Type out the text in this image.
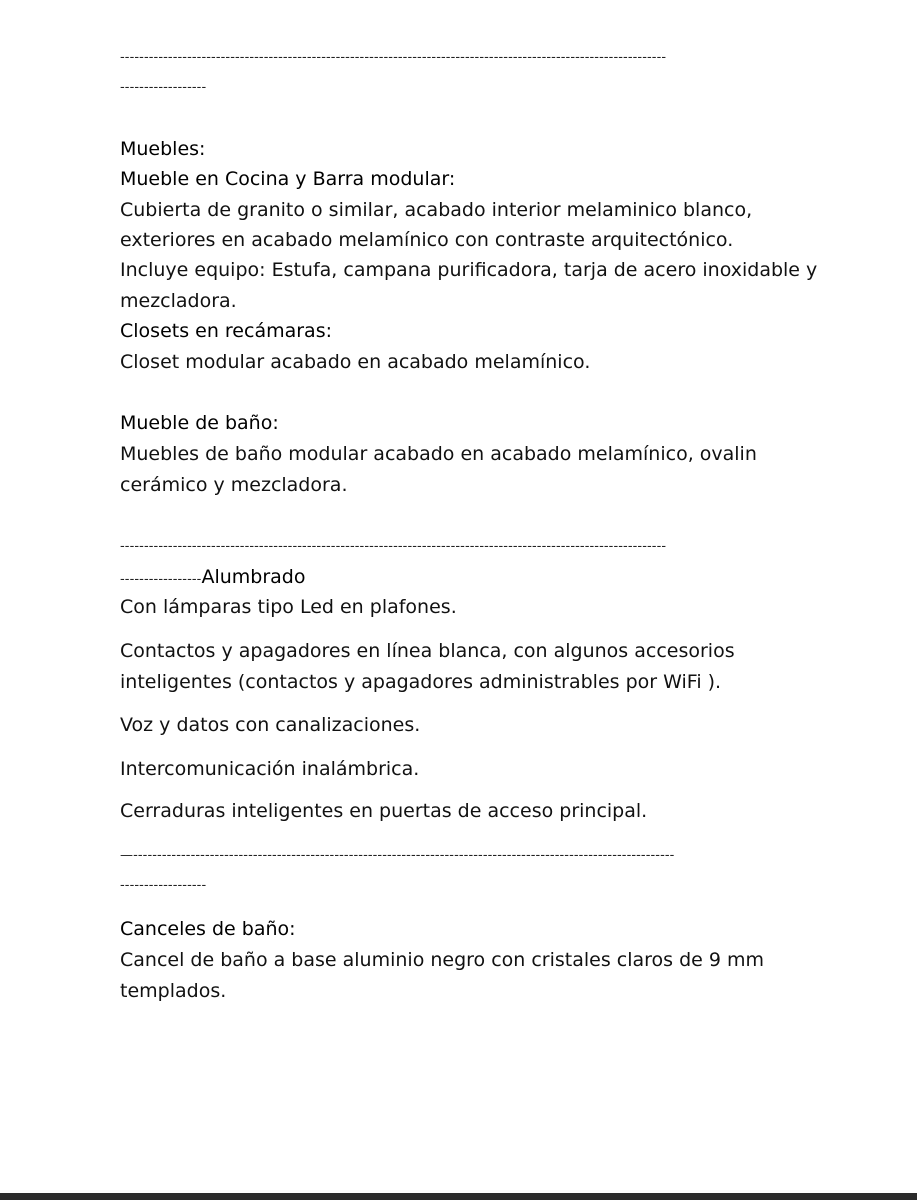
------------------------------------------------------------------------------------------------------------------
------------------
Muebles:
Mueble en Cocina y Barra modular:
Cubierta de granito o similar, acabado interior melaminico blanco,
exteriores en acabado melamínico con contraste arquitectónico.
Incluye equipo: Estufa, campana purificadora, tarja de acero inoxidable y
mezcladora.
Closets en recámaras:
Closet modular acabado en acabado melamínico.
Mueble de baño:
Muebles de baño modular acabado en acabado melamínico, ovalin
cerámico y mezcladora.
------------------------------------------------------------------------------------------------------------------
-----------------Alumbrado
Con lámparas tipo Led en plafones.
Contactos y apagadores en línea blanca, con algunos accesorios
inteligentes (contactos y apagadores administrables por WiFi ).
Voz y datos con canalizaciones.
Intercomunicación inalámbrica.
Cerraduras inteligentes en puertas de acceso principal.
—-----------------------------------------------------------------------------------------------------------------
------------------
Canceles de baño:
Cancel de baño a base aluminio negro con cristales claros de 9 mm
templados.
